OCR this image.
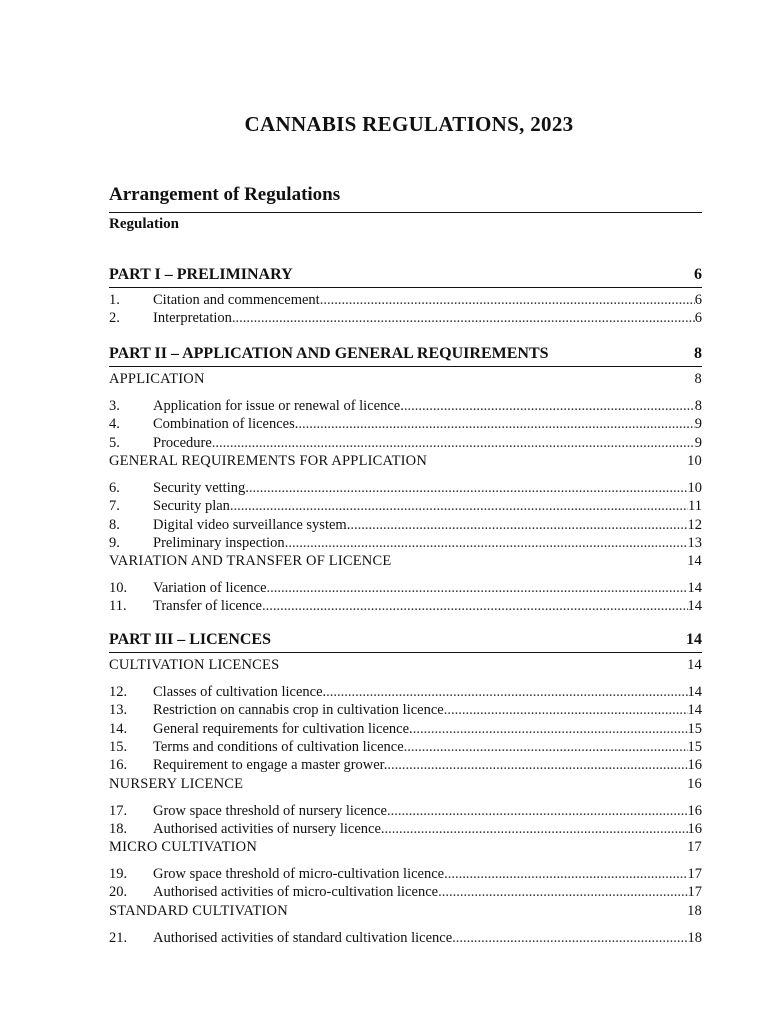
CANNABIS REGULATIONS, 2023
Arrangement of Regulations
Regulation
PART I – PRELIMINARY	6
1.	Citation and commencement .....	6
2.	Interpretation .....	6
PART II – APPLICATION AND GENERAL REQUIREMENTS	8
APPLICATION	8
3.	Application for issue or renewal of licence. .....	8
4.	Combination of licences. .....	9
5.	Procedure .....	9
GENERAL REQUIREMENTS FOR APPLICATION	10
6.	Security vetting. .....	10
7.	Security plan .....	11
8.	Digital video surveillance system. .....	12
9.	Preliminary inspection .....	13
VARIATION AND TRANSFER OF LICENCE	14
10.	Variation of licence .....	14
11.	Transfer of licence .....	14
PART III – LICENCES	14
CULTIVATION LICENCES	14
12.	Classes of cultivation licence. .....	14
13.	Restriction on cannabis crop in cultivation licence .....	14
14.	General requirements for cultivation licence. .....	15
15.	Terms and conditions of cultivation licence .....	15
16.	Requirement to engage a master grower. .....	16
NURSERY LICENCE	16
17.	Grow space threshold of nursery licence .....	16
18.	Authorised activities of nursery licence. .....	16
MICRO CULTIVATION	17
19.	Grow space threshold of micro-cultivation licence .....	17
20.	Authorised activities of micro-cultivation licence .....	17
STANDARD CULTIVATION	18
21.	Authorised activities of standard cultivation licence .....	18
